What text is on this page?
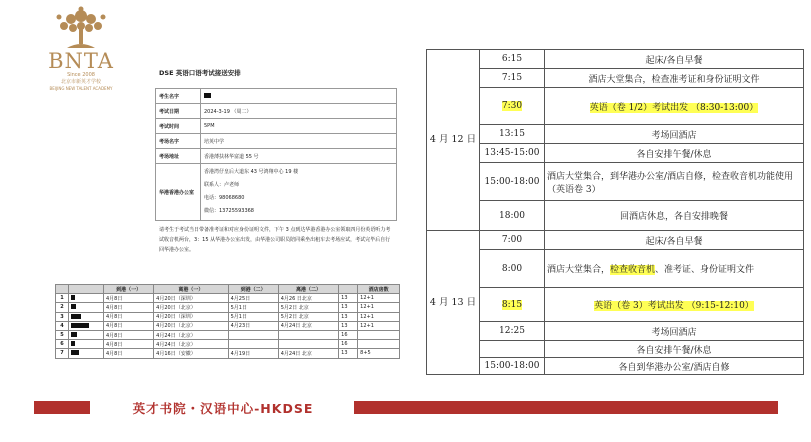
BNTA
Since 2008
北京市新英才学校
BEIJING NEW TALENT ACADEMY
DSE 英语口语考试接送安排
考生名字	
考试日期	2024-3-19 （周二）
考试时间	5PM
考场名字	培英中学
考场地址	香港薄扶林华富道 55 号
华港香港办公室	香港湾仔皇后大道东 43 号鸿翔中心 19 楼
联系人：卢老师
电话：98068680
微信：13725593368
请考生于考试当日带备准考证和对应身份证明文件，下午 3 点到达华港香港办公室领取四月份英语听力考试收音机两台，3：15 从华港办公室出发，由华港公司职员陪同乘坐出租车去考场应试，考试完毕后自行回华港办公室。
		到港（一）	离港（一）	到港（二）	离港（二）		酒店房数
1		4月8日	4月20日（深圳）	4月25日	4月26 日北京	13	12+1
2		4月8日	4月20日（北京）	5月1日	5月2日 北京	13	12+1
3		4月8日	4月20日（深圳）	5月1日	5月2日 北京	13	12+1
4		4月8日	4月20日（北京）	4月23日	4月24日 北京	13	12+1
5		4月8日	4月24日（北京）			16	
6		4月8日	4月24日（北京）			16	
7		4月8日	4月16日（安徽）	4月19日	4月24日 北京	13	8+5
4 月 12 日	6:15	起床/各自早餐
	7:15	酒店大堂集合，检查准考证和身份证明文件
	7:30	英语（卷 1/2）考试出发 （8:30-13:00）
	13:15	考场回酒店
	13:45-15:00	各自安排午餐/休息
	15:00-18:00	酒店大堂集合，到华港办公室/酒店自修，检查收音机功能使用（英语卷 3）
	18:00	回酒店休息，各自安排晚餐
4 月 13 日	7:00	起床/各自早餐
	8:00	酒店大堂集合，检查收音机、准考证、身份证明文件
	8:15	英语（卷 3）考试出发 （9:15-12:10）
	12:25	考场回酒店
		各自安排午餐/休息
	15:00-18:00	各自到华港办公室/酒店自修
英才书院・汉语中心-HKDSE
